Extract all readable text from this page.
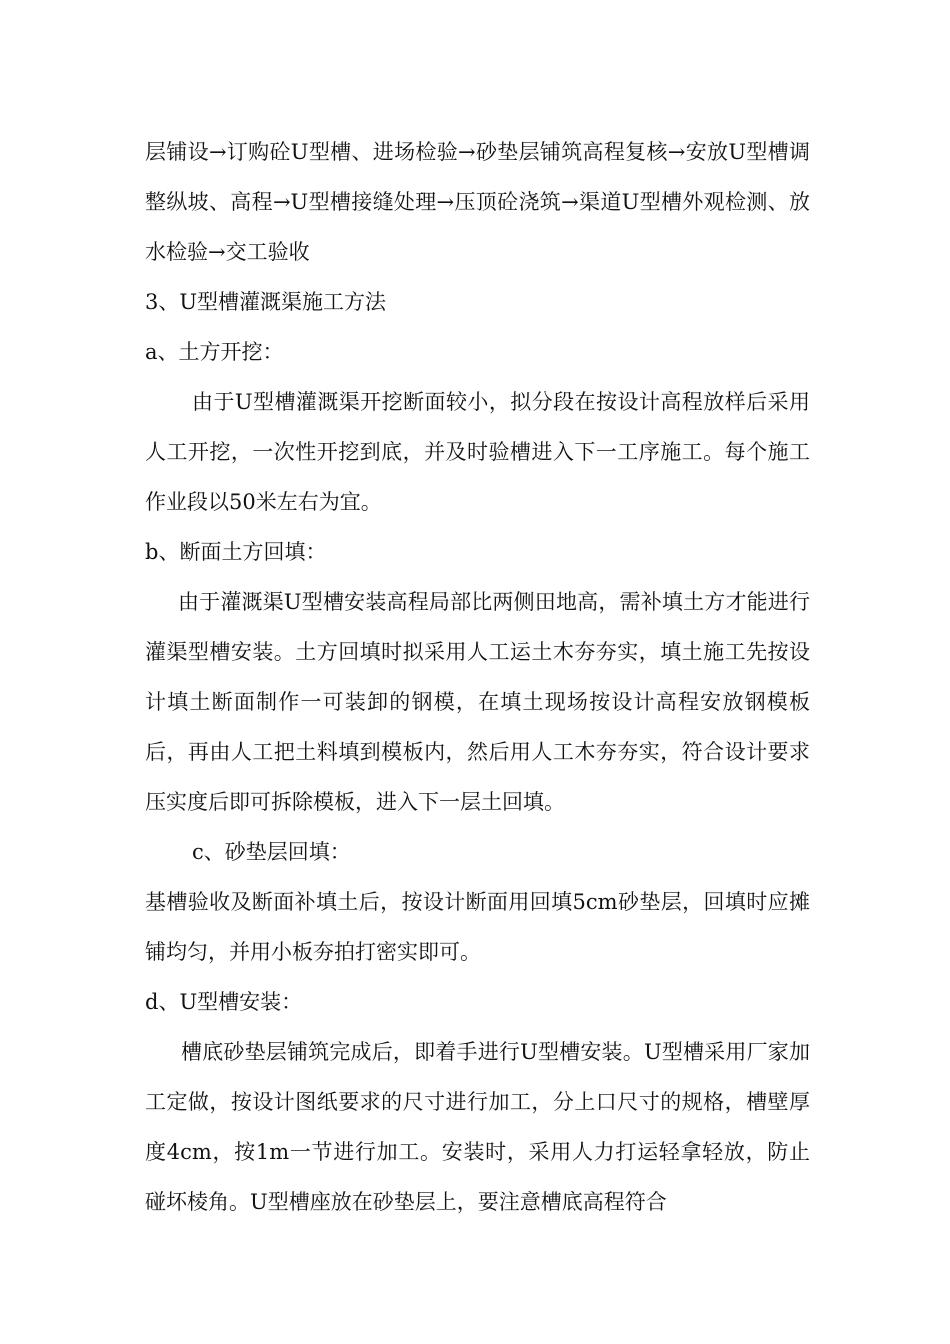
层铺设→订购砼U型槽、进场检验→砂垫层铺筑高程复核→安放U型槽调整纵坡、高程→U型槽接缝处理→压顶砼浇筑→渠道U型槽外观检测、放水检验→交工验收

3、U型槽灌溉渠施工方法

a、土方开挖：

由于U型槽灌溉渠开挖断面较小，拟分段在按设计高程放样后采用人工开挖，一次性开挖到底，并及时验槽进入下一工序施工。每个施工作业段以50米左右为宜。

b、断面土方回填：

由于灌溉渠U型槽安装高程局部比两侧田地高，需补填土方才能进行灌渠型槽安装。土方回填时拟采用人工运土木夯夯实，填土施工先按设计填土断面制作一可装卸的钢模，在填土现场按设计高程安放钢模板后，再由人工把土料填到模板内，然后用人工木夯夯实，符合设计要求压实度后即可拆除模板，进入下一层土回填。

c、砂垫层回填：

基槽验收及断面补填土后，按设计断面用回填5cm砂垫层，回填时应摊铺均匀，并用小板夯拍打密实即可。

d、U型槽安装：

槽底砂垫层铺筑完成后，即着手进行U型槽安装。U型槽采用厂家加工定做，按设计图纸要求的尺寸进行加工，分上口尺寸的规格，槽壁厚度4cm，按1m一节进行加工。安装时，采用人力打运轻拿轻放，防止碰坏棱角。U型槽座放在砂垫层上，要注意槽底高程符合
